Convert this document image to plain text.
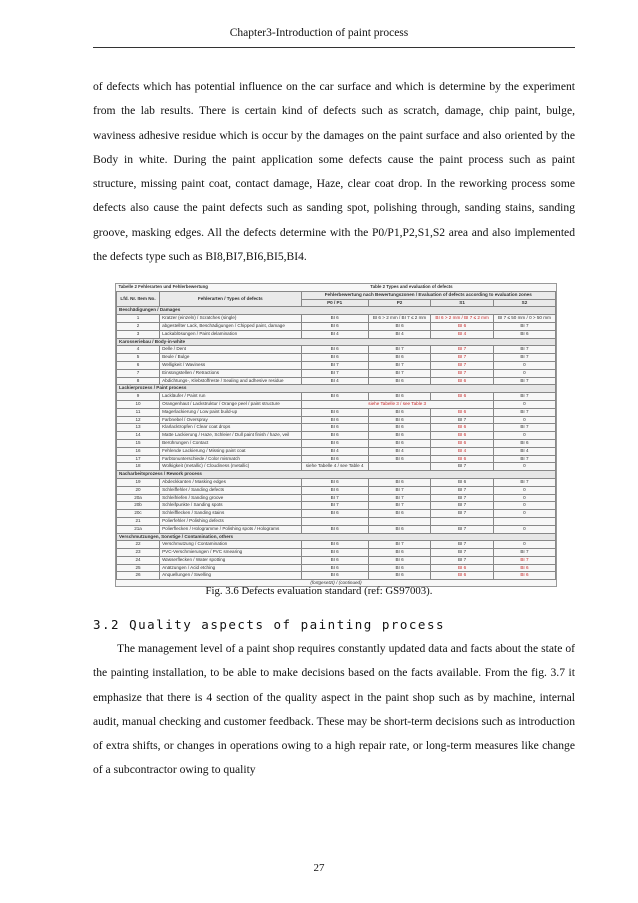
Chapter3-Introduction of paint process

of defects which has potential influence on the car surface and which is determine by the experiment from the lab results. There is certain kind of defects such as scratch, damage, chip paint, bulge, waviness adhesive residue which is occur by the damages on the paint surface and also oriented by the Body in white. During the paint application some defects cause the paint process such as paint structure, missing paint coat, contact damage, Haze, clear coat drop. In the reworking process some defects also cause the paint defects such as sanding spot, polishing through, sanding stains, sanding groove, masking edges. All the defects determine with the P0/P1,P2,S1,S2 area and also implemented the defects type such as BI8,BI7,BI6,BI5,BI4.

Tabelle 2 Fehlerarten und Fehlerbewertung			Table 2 Types and evaluation of defects		
Lfd. Nr. Item No.	Fehlerarten / Types of defects	Fehlerbewertung nach Bewertungszonen / Evaluation of defects according to evaluation zones			
		P0 / P1	P2	S1	S2
Beschädigungen / Damages					
1	Kratzer (einzeln) / Scratches (single)	BI 6	BI 6 > 2 mm / BI 7 ≤ 2 mm	BI 6 > 2 mm / BI 7 ≤ 2 mm	BI 7 ≤ 50 mm / 0 > 50 mm
2	abgestellter Lack, Beschädigungen / Chipped paint, damage	BI 6	BI 6	BI 6	BI 7
3	Lackablösungen / Paint delamination	BI 4	BI 4	BI 4	BI 6
Karosseriebau / Body-in-white					
4	Delle / Dent	BI 6	BI 7	BI 7	BI 7
5	Beule / Bulge	BI 6	BI 6	BI 7	BI 7
6	Welligkeit / Waviness	BI 7	BI 7	BI 7	0
7	Einsüngstellen / Retractions	BI 7	BI 7	BI 7	0
8	Abdichtungs-, Klebstoffreste / Sealing and adhesive residue	BI 4	BI 6	BI 6	BI 7
Lackierprozess / Paint process					
9	Lackläufer / Paint run	BI 6	BI 6	BI 6	BI 7
10	Orangenhaut / Lackstruktur / Orange peel / paint structure	siehe Tabelle 3 / see Table 3			0
11	Magerlackierung / Low paint build-up	BI 6	BI 6	BI 6	BI 7
12	Farbnebel / Overspray	BI 6	BI 6	BI 7	0
13	Klarlacktropfen / Clear coat drops	BI 6	BI 6	BI 6	BI 7
14	Matte Lackierung / Haze, Schleier / Dull paint finish / haze, veil	BI 6	BI 6	BI 6	0
15	Berührungen / Contact	BI 6	BI 6	BI 6	BI 6
16	Fehlende Lackierung / Missing paint coat	BI 4	BI 4	BI 4	BI 4
17	Farbtonunterschiede / Color mismatch	BI 6	BI 6	BI 6	BI 7
18	Wolkigkeit (metallic) / Cloudiness (metallic)	siehe Tabelle 4 / see Table 4		BI 7	0
Nacharbeitsprozess / Rework process					
19	Abdeckkanten / Masking edges	BI 6	BI 6	BI 6	BI 7
20	Schleiffehler / Sanding defects	BI 6	BI 7	BI 7	0
20a	Schleifriefen / Sanding groove	BI 7	BI 7	BI 7	0
20b	Schleifpunkte / Sanding spots	BI 7	BI 7	BI 7	0
20c	Schleifflecken / Sanding stains	BI 6	BI 6	BI 7	0
21	Polierfehler / Polishing defects				
21a	Polierflecken / Hologramme / Polishing spots / Holograms	BI 6	BI 6	BI 7	0
Verschmutzungen, Sonstige / Contamination, others					
22	Verschmutzung / Contamination	BI 6	BI 7	BI 7	0
23	PVC-Verschmierungen / PVC smearing	BI 6	BI 6	BI 7	BI 7
24	Wasserflecken / Water spotting	BI 6	BI 6	BI 7	BI 7
25	Anätzungen / Acid etching	BI 6	BI 6	BI 6	BI 6
26	Anquellungen / Swelling	BI 6	BI 6	BI 6	BI 6
(fortgesetzt) / (continued)					
Fig. 3.6 Defects evaluation standard (ref: GS97003).
3.2 Quality aspects of painting process

The management level of a paint shop requires constantly updated data and facts about the state of the painting installation, to be able to make decisions based on the facts available. From the fig. 3.7 it emphasize that there is 4 section of the quality aspect in the paint shop such as by machine, internal audit, manual checking and customer feedback. These may be short-term decisions such as introduction of extra shifts, or changes in operations owing to a high repair rate, or long-term measures like change of a subcontractor owing to quality

27
